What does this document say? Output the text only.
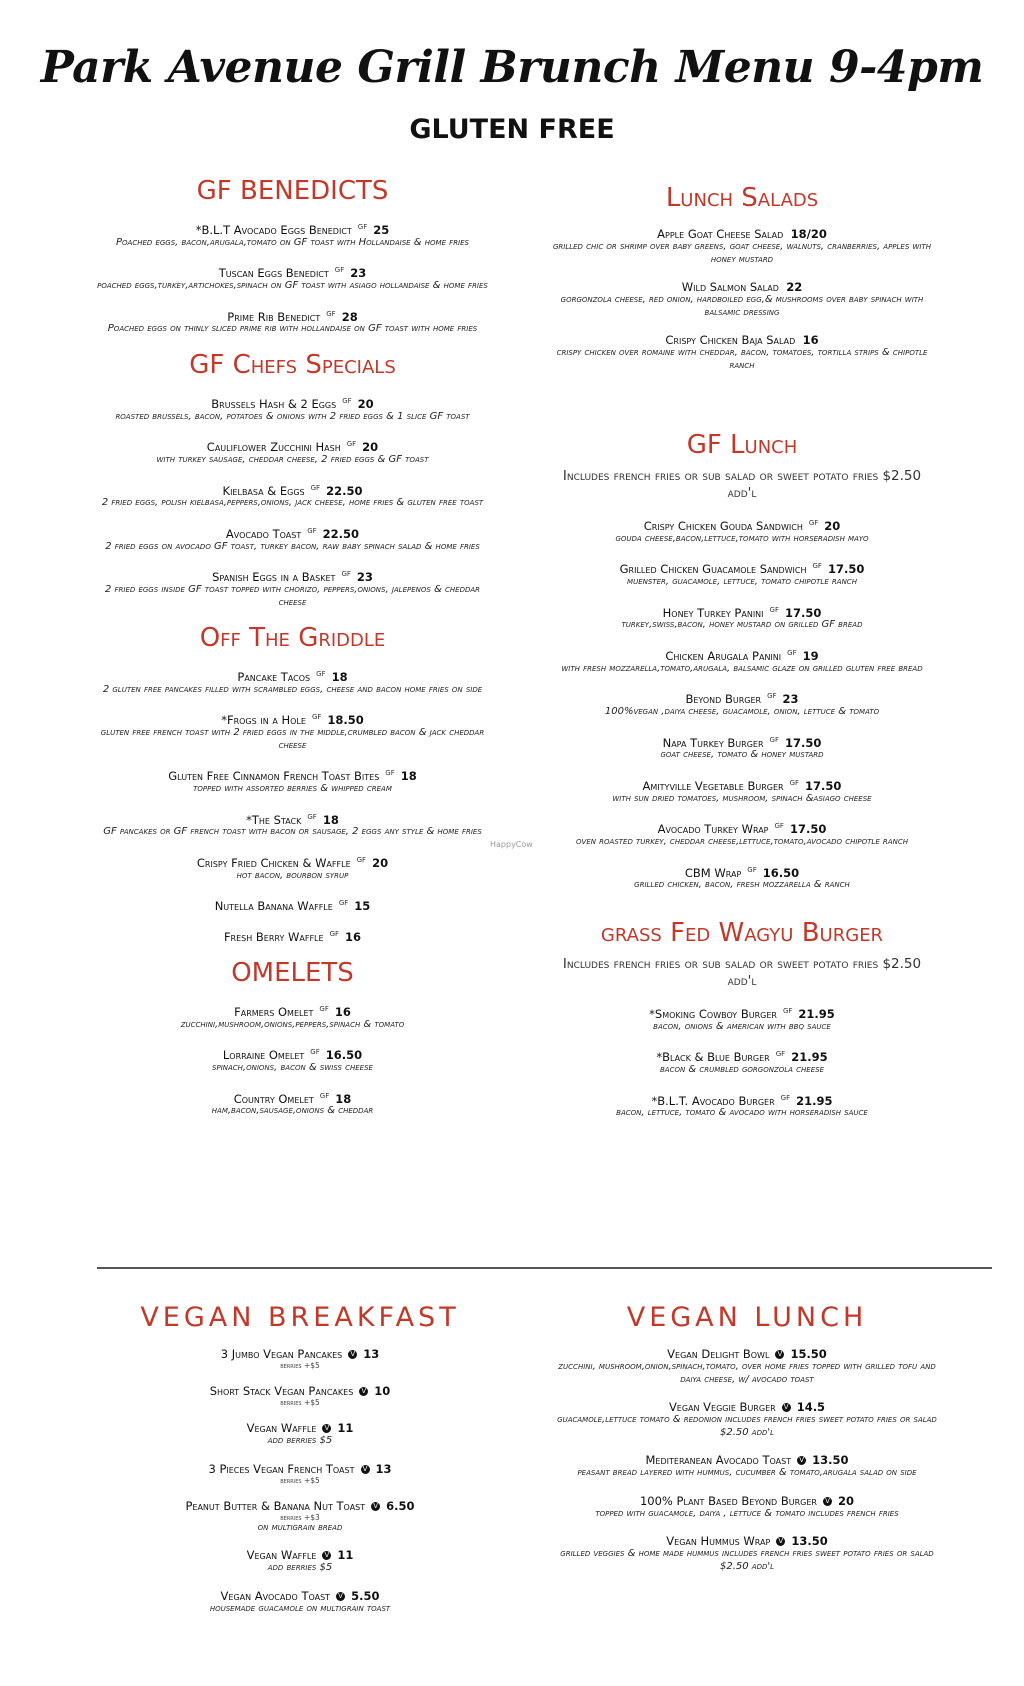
Park Avenue Grill Brunch Menu 9-4pm
GLUTEN FREE
HappyCow
GF BENEDICTS
*B.L.T Avocado Eggs Benedict $^{GF}$ 25
Poached eggs, bacon,arugala,tomato on GF toast with Hollandaise & home fries
Tuscan Eggs Benedict $^{GF}$ 23
poached eggs,turkey,artichokes,spinach on GF toast with asiago hollandaise & home fries
Prime Rib Benedict $^{GF}$ 28
Poached eggs on thinly sliced prime rib with hollandaise on GF toast with home fries
GF Chefs Specials
Brussels Hash & 2 Eggs $^{GF}$ 20
roasted brussels, bacon, potatoes & onions with 2 fried eggs & 1 slice GF toast
Cauliflower Zucchini Hash $^{GF}$ 20
with turkey sausage, cheddar cheese, 2 fried eggs & GF toast
Kielbasa & Eggs $^{GF}$ 22.50
2 fried eggs, polish kielbasa,peppers,onions, jack cheese, home fries & gluten free toast
Avocado Toast $^{GF}$ 22.50
2 fried eggs on avocado GF toast, turkey bacon, raw baby spinach salad & home fries
Spanish Eggs in a Basket $^{GF}$ 23
2 fried eggs inside GF toast topped with chorizo, peppers,onions, jalepenos & cheddar cheese
Off The Griddle
Pancake Tacos $^{GF}$ 18
2 gluten free pancakes filled with scrambled eggs, cheese and bacon home fries on side
*Frogs in a Hole $^{GF}$ 18.50
gluten free french toast with 2 fried eggs in the middle,crumbled bacon & jack cheddar cheese
Gluten Free Cinnamon French Toast Bites $^{GF}$ 18
topped with assorted berries & whipped cream
*The Stack $^{GF}$ 18
GF pancakes or GF french toast with bacon or sausage, 2 eggs any style & home fries
Crispy Fried Chicken & Waffle $^{GF}$ 20
hot bacon, bourbon syrup
Nutella Banana Waffle $^{GF}$ 15
Fresh Berry Waffle $^{GF}$ 16
OMELETS
Farmers Omelet $^{GF}$ 16
zucchini,mushroom,onions,peppers,spinach & tomato
Lorraine Omelet $^{GF}$ 16.50
spinach,onions, bacon & swiss cheese
Country Omelet $^{GF}$ 18
ham,bacon,sausage,onions & cheddar
Lunch Salads
Apple Goat Cheese Salad 18/20
grilled chic or shrimp over baby greens, goat cheese, walnuts, cranberries, apples with honey mustard
Wild Salmon Salad 22
gorgonzola cheese, red onion, hardboiled egg,& mushrooms over baby spinach with balsamic dressing
Crispy Chicken Baja Salad 16
crispy chicken over romaine with cheddar, bacon, tomatoes, tortilla strips & chipotle ranch
GF Lunch
Includes french fries or sub salad or sweet potato fries $2.50 add'l
Crispy Chicken Gouda Sandwich $^{GF}$ 20
gouda cheese,bacon,lettuce,tomato with horseradish mayo
Grilled Chicken Guacamole Sandwich $^{GF}$ 17.50
muenster, guacamole, lettuce, tomato chipotle ranch
Honey Turkey Panini $^{GF}$ 17.50
turkey,swiss,bacon, honey mustard on grilled GF bread
Chicken Arugala Panini $^{GF}$ 19
with fresh mozzarella,tomato,arugala, balsamic glaze on grilled gluten free bread
Beyond Burger $^{GF}$ 23
100%vegan ,daiya cheese, guacamole, onion, lettuce & tomato
Napa Turkey Burger $^{GF}$ 17.50
goat cheese, tomato & honey mustard
Amityville Vegetable Burger $^{GF}$ 17.50
with sun dried tomatoes, mushroom, spinach &asiago cheese
Avocado Turkey Wrap $^{GF}$ 17.50
oven roasted turkey, cheddar cheese,lettuce,tomato,avocado chipotle ranch
CBM Wrap $^{GF}$ 16.50
grilled chicken, bacon, fresh mozzarella & ranch
grass Fed Wagyu Burger
Includes french fries or sub salad or sweet potato fries $2.50 add'l
*Smoking Cowboy Burger $^{GF}$ 21.95
bacon, onions & american with bbq sauce
*Black & Blue Burger $^{GF}$ 21.95
bacon & crumbled gorgonzola cheese
*B.L.T. Avocado Burger $^{GF}$ 21.95
bacon, lettuce, tomato & avocado with horseradish sauce
VEGAN BREAKFAST
3 Jumbo Vegan Pancakes V 13
berries +$5
Short Stack Vegan Pancakes V 10
berries +$5
Vegan Waffle V 11
add berries $5
3 Pieces Vegan French Toast V 13
berries +$5
Peanut Butter & Banana Nut Toast V 6.50
berries +$3
on multigrain bread
Vegan Waffle V 11
add berries $5
Vegan Avocado Toast V 5.50
housemade guacamole on multigrain toast
VEGAN LUNCH
Vegan Delight Bowl V 15.50
zucchini, mushroom,onion,spinach,tomato, over home fries topped with grilled tofu and daiya cheese, w/ avocado toast
Vegan Veggie Burger V 14.5
guacamole,lettuce tomato & redonion includes french fries sweet potato fries or salad $2.50 add'l
Mediteranean Avocado Toast V 13.50
peasant bread layered with hummus, cucumber & tomato,arugala salad on side
100% Plant Based Beyond Burger V 20
topped with guacamole, daiya , lettuce & tomato includes french fries
Vegan Hummus Wrap V 13.50
grilled veggies & home made hummus includes french fries sweet potato fries or salad $2.50 add'l
